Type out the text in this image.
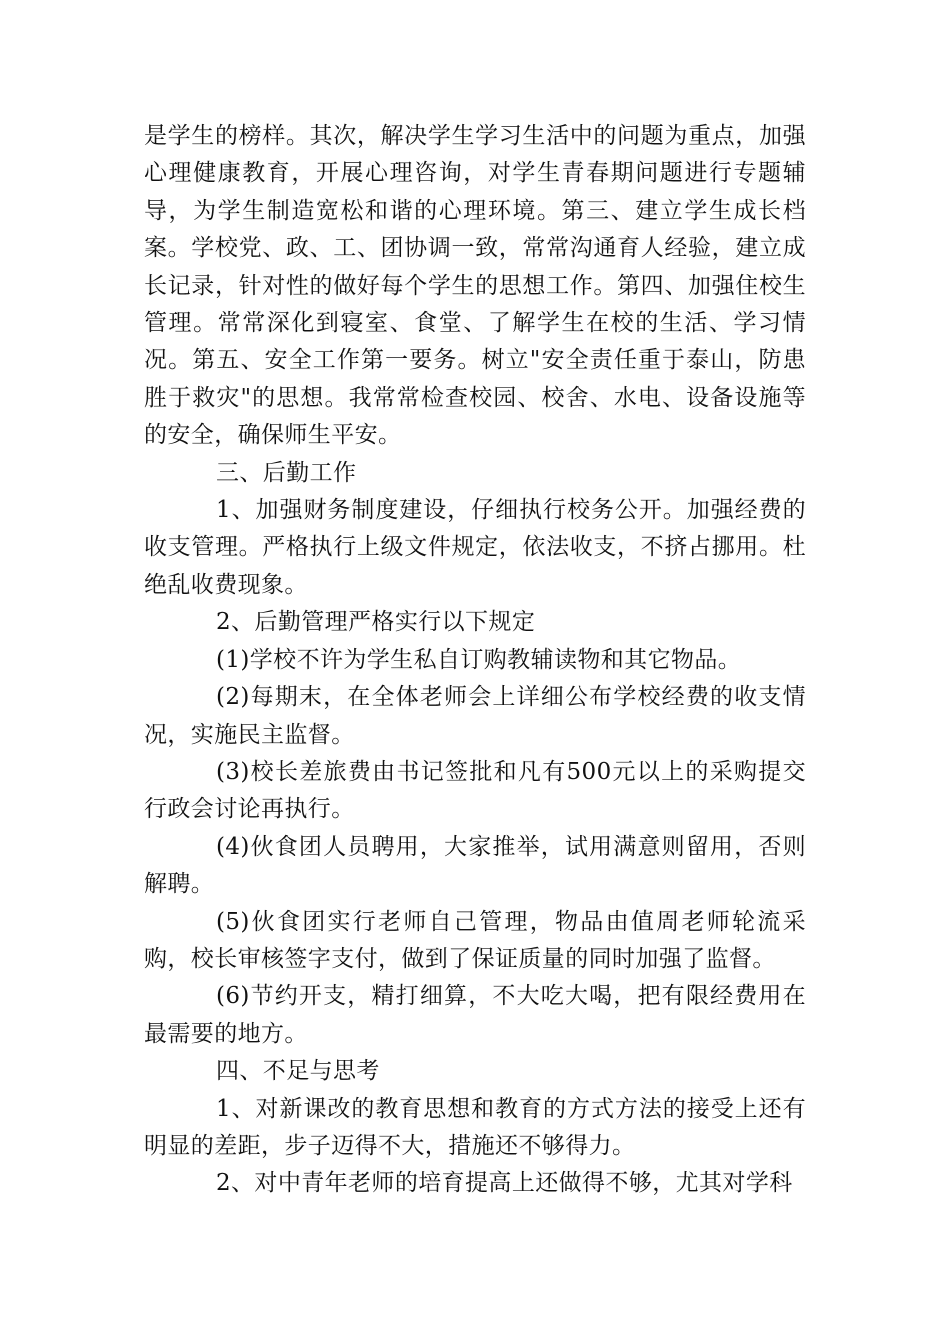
是学生的榜样。其次，解决学生学习生活中的问题为重点，加强心理健康教育，开展心理咨询，对学生青春期问题进行专题辅导，为学生制造宽松和谐的心理环境。第三、建立学生成长档案。学校党、政、工、团协调一致，常常沟通育人经验，建立成长记录，针对性的做好每个学生的思想工作。第四、加强住校生管理。常常深化到寝室、食堂、了解学生在校的生活、学习情况。第五、安全工作第一要务。树立"安全责任重于泰山，防患胜于救灾"的思想。我常常检查校园、校舍、水电、设备设施等的安全，确保师生平安。

三、后勤工作

1、加强财务制度建设，仔细执行校务公开。加强经费的收支管理。严格执行上级文件规定，依法收支，不挤占挪用。杜绝乱收费现象。

2、后勤管理严格实行以下规定

(1)学校不许为学生私自订购教辅读物和其它物品。

(2)每期末，在全体老师会上详细公布学校经费的收支情况，实施民主监督。

(3)校长差旅费由书记签批和凡有500元以上的采购提交行政会讨论再执行。

(4)伙食团人员聘用，大家推举，试用满意则留用，否则解聘。

(5)伙食团实行老师自己管理，物品由值周老师轮流采购，校长审核签字支付，做到了保证质量的同时加强了监督。

(6)节约开支，精打细算，不大吃大喝，把有限经费用在最需要的地方。

四、不足与思考

1、对新课改的教育思想和教育的方式方法的接受上还有明显的差距，步子迈得不大，措施还不够得力。

2、对中青年老师的培育提高上还做得不够，尤其对学科
